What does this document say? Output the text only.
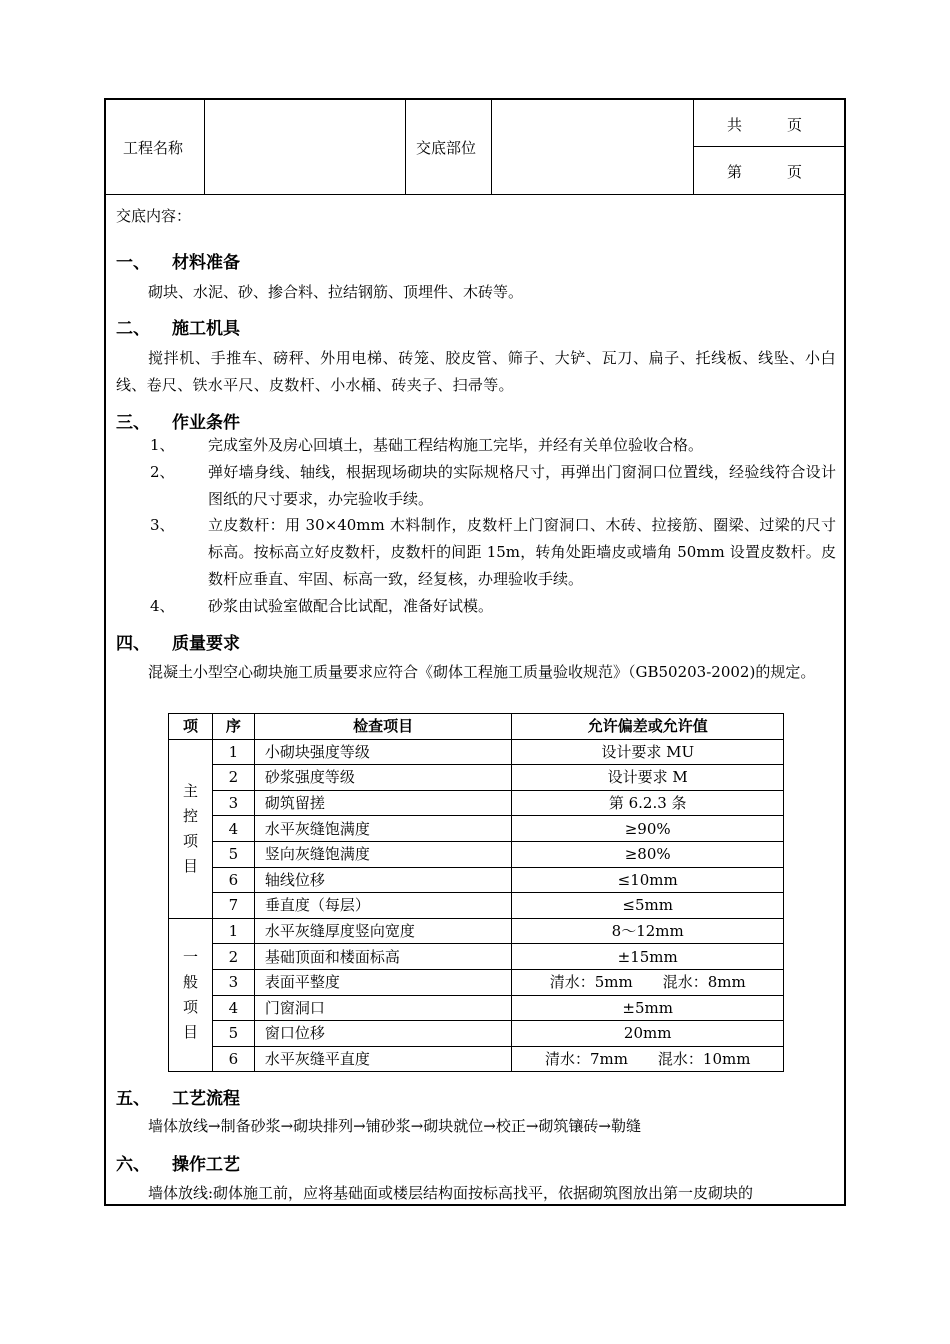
工程名称	交底部位
共　　　页
第　　　页
交底内容：
一、 材料准备
砌块、水泥、砂、掺合料、拉结钢筋、顶埋件、木砖等。
二、 施工机具
搅拌机、手推车、磅秤、外用电梯、砖笼、胶皮管、筛子、大铲、瓦刀、扁子、托线板、线坠、小白线、卷尺、铁水平尺、皮数杆、小水桶、砖夹子、扫帚等。
三、 作业条件
1、 完成室外及房心回填土，基础工程结构施工完毕，并经有关单位验收合格。
2、 弹好墙身线、轴线，根据现场砌块的实际规格尺寸，再弹出门窗洞口位置线，经验线符合设计图纸的尺寸要求，办完验收手续。
3、 立皮数杆：用 30×40mm 木料制作，皮数杆上门窗洞口、木砖、拉接筋、圈梁、过梁的尺寸标高。按标高立好皮数杆，皮数杆的间距 15m，转角处距墙皮或墙角 50mm 设置皮数杆。皮数杆应垂直、牢固、标高一致，经复核，办理验收手续。
4、 砂浆由试验室做配合比试配，准备好试模。
四、 质量要求
混凝土小型空心砌块施工质量要求应符合《砌体工程施工质量验收规范》（GB50203-2002)的规定。
项	序	检查项目	允许偏差或允许值

主控项目	1	小砌块强度等级	设计要求 MU
	2	砂浆强度等级	设计要求 M
	3	砌筑留搓	第 6.2.3 条
	4	水平灰缝饱满度	≥90%
	5	竖向灰缝饱满度	≥80%
	6	轴线位移	≤10mm
	7	垂直度（每层）	≤5mm

一般项目	1	水平灰缝厚度竖向宽度	8～12mm
	2	基础顶面和楼面标高	±15mm
	3	表面平整度	清水：5mm　　混水：8mm
	4	门窗洞口	±5mm
	5	窗口位移	20mm
	6	水平灰缝平直度	清水：7mm　　混水：10mm
五、 工艺流程
墙体放线→制备砂浆→砌块排列→铺砂浆→砌块就位→校正→砌筑镶砖→勒缝
六、 操作工艺
墙体放线:砌体施工前，应将基础面或楼层结构面按标高找平，依据砌筑图放出第一皮砌块的
